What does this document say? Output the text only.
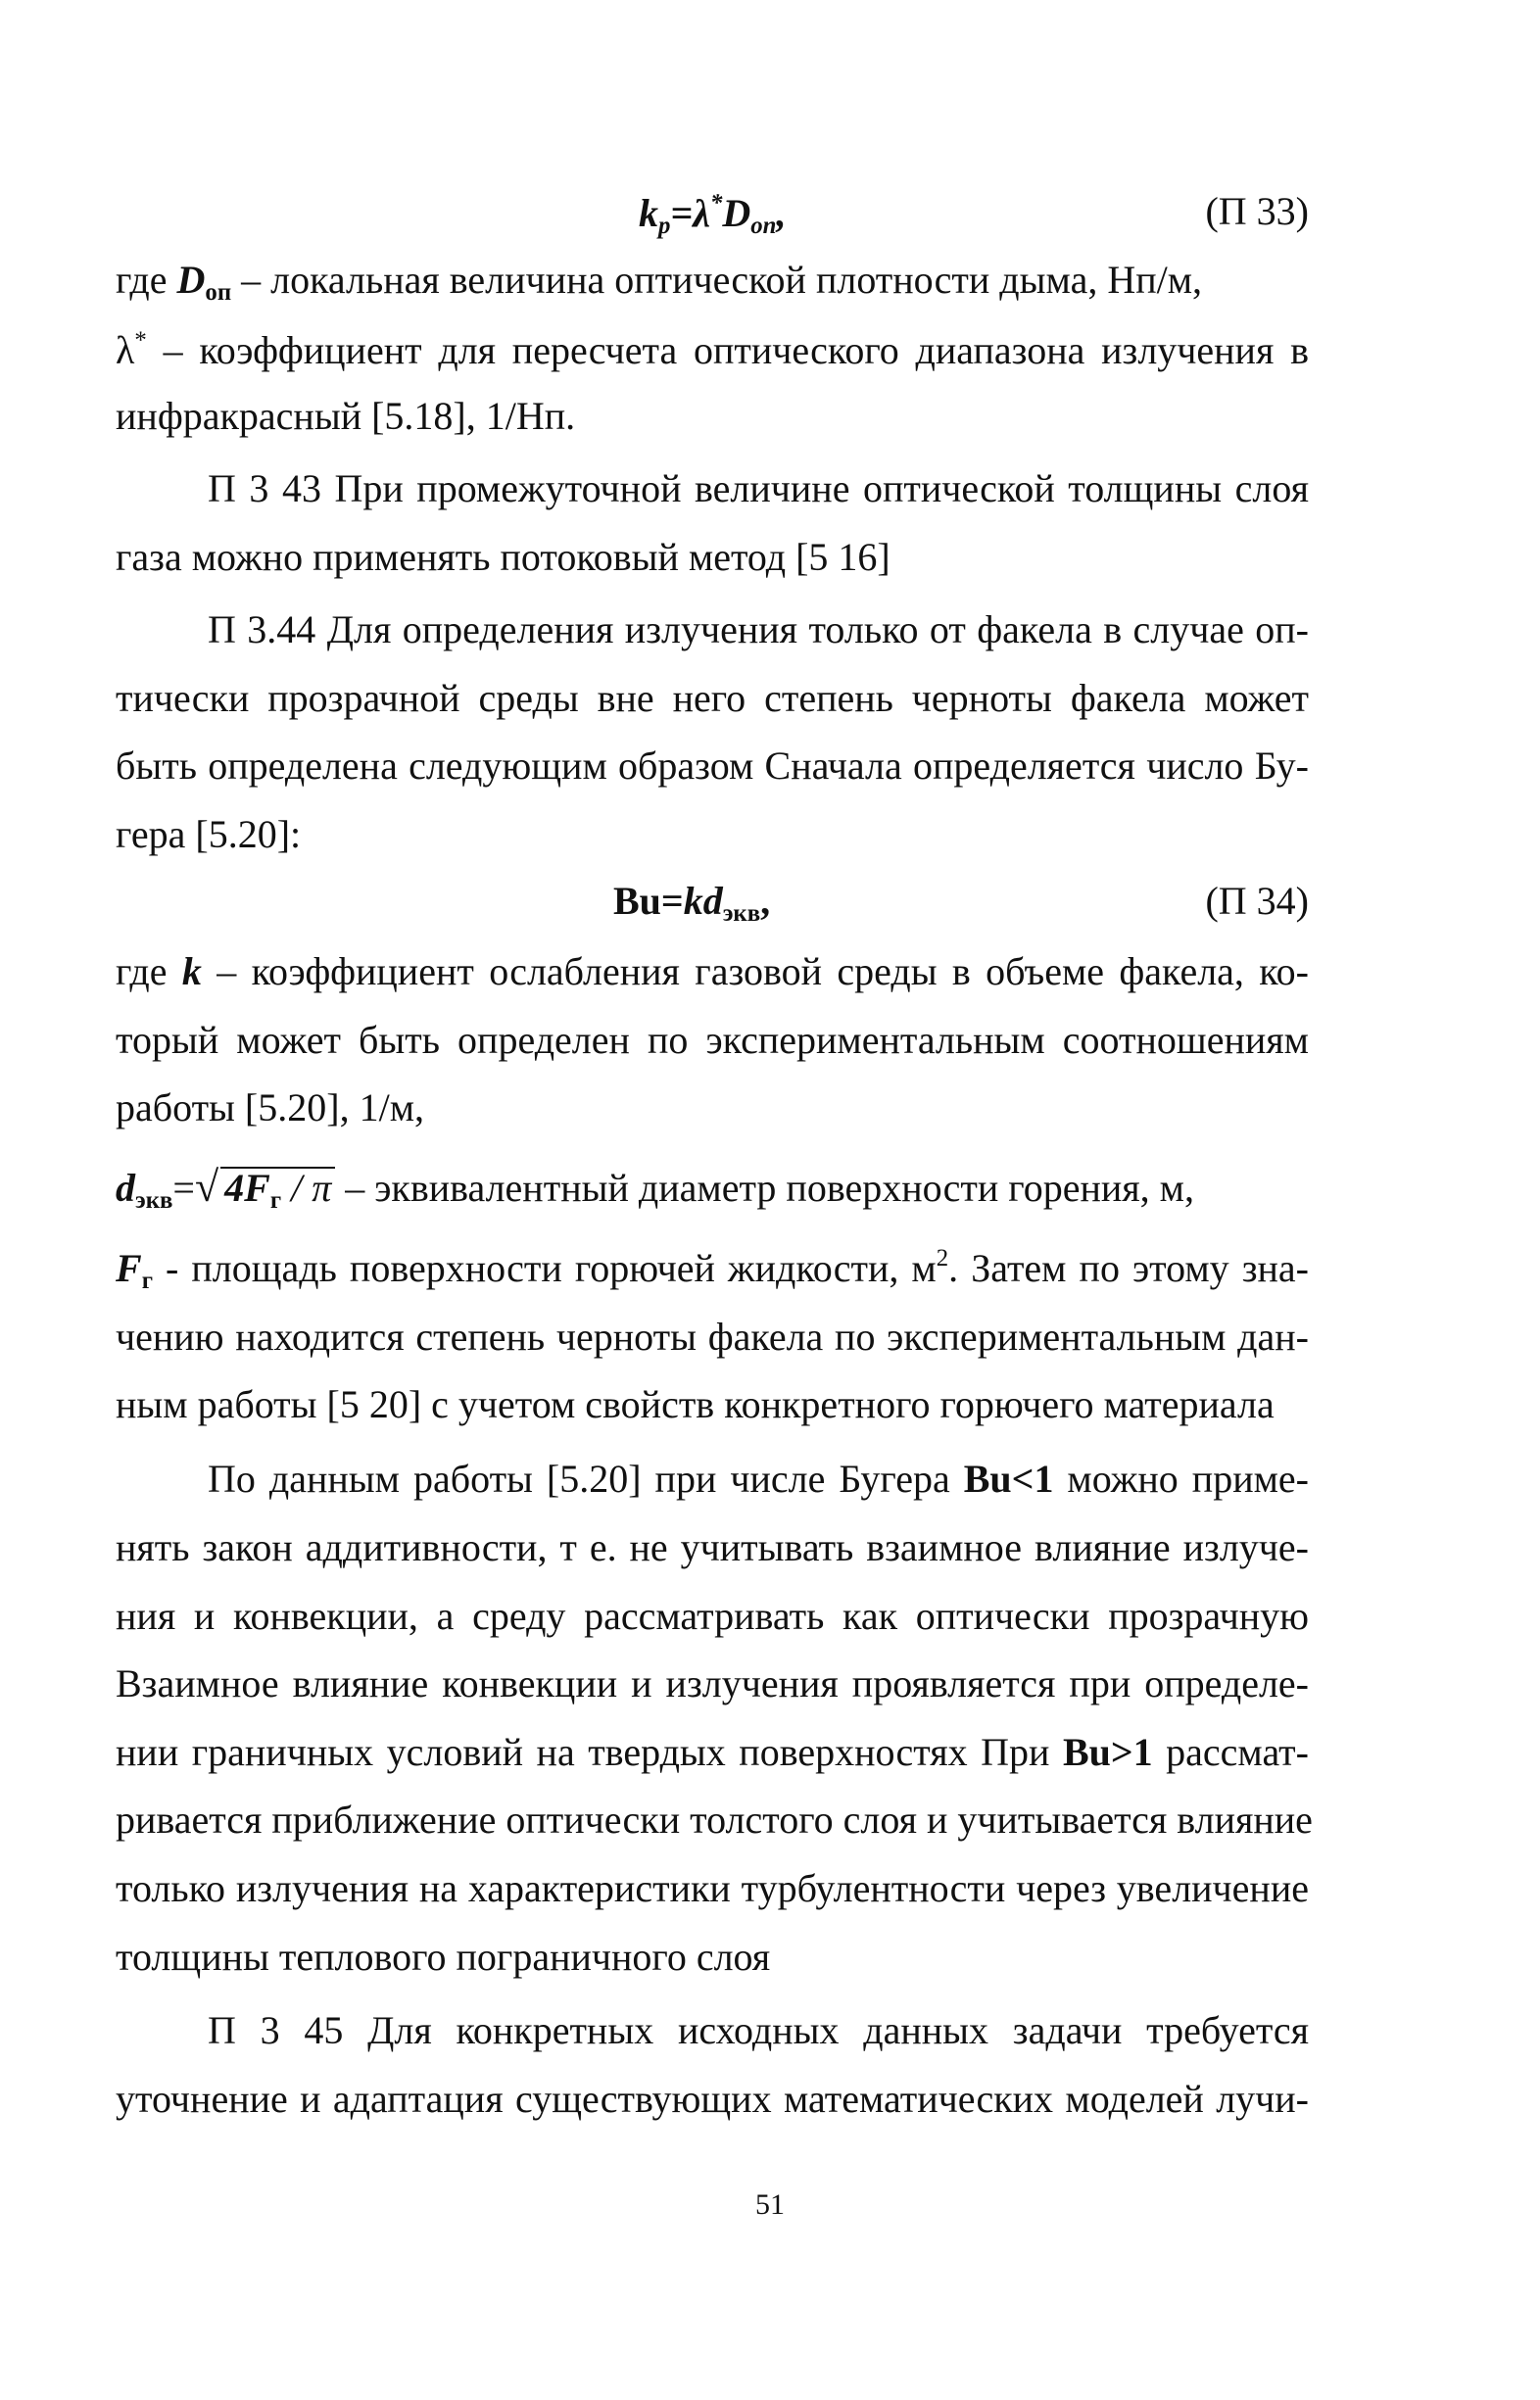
$k_p=\lambda^*D_{оп}$,	(П 33)
где $D_{оп}$ – локальная величина оптической плотности дыма, Нп/м,
λ* – коэффициент для пересчета оптического диапазона излучения в
инфракрасный [5.18], 1/Нп.
П 3 43 При промежуточной величине оптической толщины слоя
газа можно применять потоковый метод [5 16]
П 3.44 Для определения излучения только от факела в случае оп-
тически прозрачной среды вне него степень черноты факела может
быть определена следующим образом Сначала определяется число Бу-
гера [5.20]:
$Bu=kd_{экв}$,	(П 34)
где k – коэффициент ослабления газовой среды в объеме факела, ко-
торый может быть определен по экспериментальным соотношениям
работы [5.20], 1/м,
$d_{экв}=√$ $4F_г$ / π – эквивалентный диаметр поверхности горения, м,
$F_г$ - площадь поверхности горючей жидкости, $м^2$. Затем по этому зна-
чению находится степень черноты факела по экспериментальным дан-
ным работы [5 20] с учетом свойств конкретного горючего материала
По данным работы [5.20] при числе Бугера Bu<1 можно приме-
нять закон аддитивности, т е. не учитывать взаимное влияние излуче-
ния и конвекции, а среду рассматривать как оптически прозрачную
Взаимное влияние конвекции и излучения проявляется при определе-
нии граничных условий на твердых поверхностях При Bu>1 рассмат-
ривается приближение оптически толстого слоя и учитывается влияние
только излучения на характеристики турбулентности через увеличение
толщины теплового пограничного слоя
П 3 45 Для конкретных исходных данных задачи требуется
уточнение и адаптация существующих математических моделей лучи-
51
